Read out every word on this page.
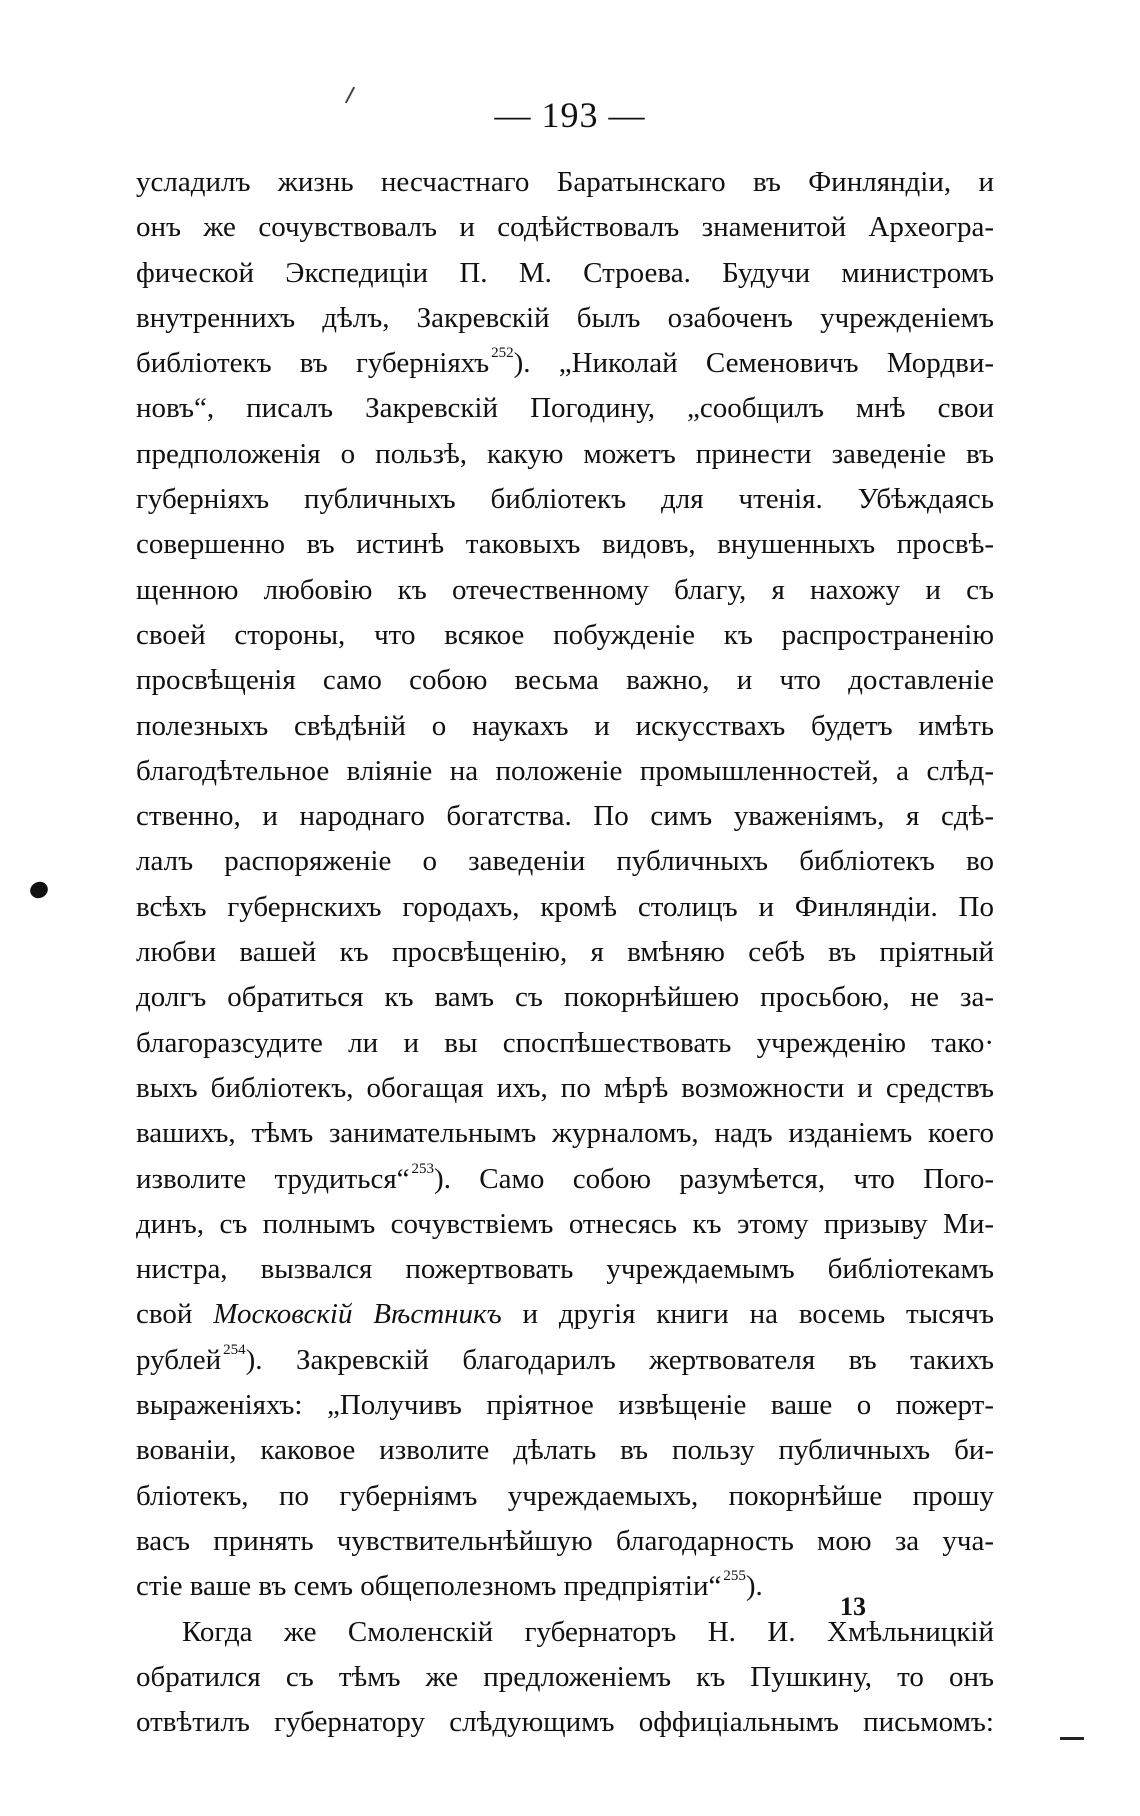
— 193 —
усладилъ жизнь несчастнаго Баратынскаго въ Финляндіи, и
онъ же сочувствовалъ и содѣйствовалъ знаменитой Археогра-
фической Экспедиціи П. М. Строева. Будучи министромъ
внутреннихъ дѣлъ, Закревскій былъ озабоченъ учрежденіемъ
библіотекъ въ губерніяхъ $^{252}$). „Николай Семеновичъ Мордви-
новъ“, писалъ Закревскій Погодину, „сообщилъ мнѣ свои
предположенія о пользѣ, какую можетъ принести заведеніе въ
губерніяхъ публичныхъ библіотекъ для чтенія. Убѣждаясь
совершенно въ истинѣ таковыхъ видовъ, внушенныхъ просвѣ-
щенною любовію къ отечественному благу, я нахожу и съ
своей стороны, что всякое побужденіе къ распространенію
просвѣщенія само собою весьма важно, и что доставленіе
полезныхъ свѣдѣній о наукахъ и искусствахъ будетъ имѣть
благодѣтельное вліяніе на положеніе промышленностей, а слѣд-
ственно, и народнаго богатства. По симъ уваженіямъ, я сдѣ-
лалъ распоряженіе о заведеніи публичныхъ библіотекъ во
всѣхъ губернскихъ городахъ, кромѣ столицъ и Финляндіи. По
любви вашей къ просвѣщенію, я вмѣняю себѣ въ пріятный
долгъ обратиться къ вамъ съ покорнѣйшею просьбою, не за-
благоразсудите ли и вы споспѣшествовать учрежденію тако·
выхъ библіотекъ, обогащая ихъ, по мѣрѣ возможности и средствъ
вашихъ, тѣмъ занимательнымъ журналомъ, надъ изданіемъ коего
изволите трудиться“ $^{253}$). Само собою разумѣется, что Пого-
динъ, съ полнымъ сочувствіемъ отнесясь къ этому призыву Ми-
нистра, вызвался пожертвовать учреждаемымъ библіотекамъ
свой Московскій Вѣстникъ и другія книги на восемь тысячъ
рублей $^{254}$). Закревскій благодарилъ жертвователя въ такихъ
выраженіяхъ: „Получивъ пріятное извѣщеніе ваше о пожерт-
вованіи, каковое изволите дѣлать въ пользу публичныхъ би-
бліотекъ, по губерніямъ учреждаемыхъ, покорнѣйше прошу
васъ принять чувствительнѣйшую благодарность мою за уча-
стіе ваше въ семъ общеполезномъ предпріятіи“ $^{255}$).
Когда же Смоленскій губернаторъ Н. И. Хмѣльницкій
обратился съ тѣмъ же предложеніемъ къ Пушкину, то онъ
отвѣтилъ губернатору слѣдующимъ оффиціальнымъ письмомъ:
13
